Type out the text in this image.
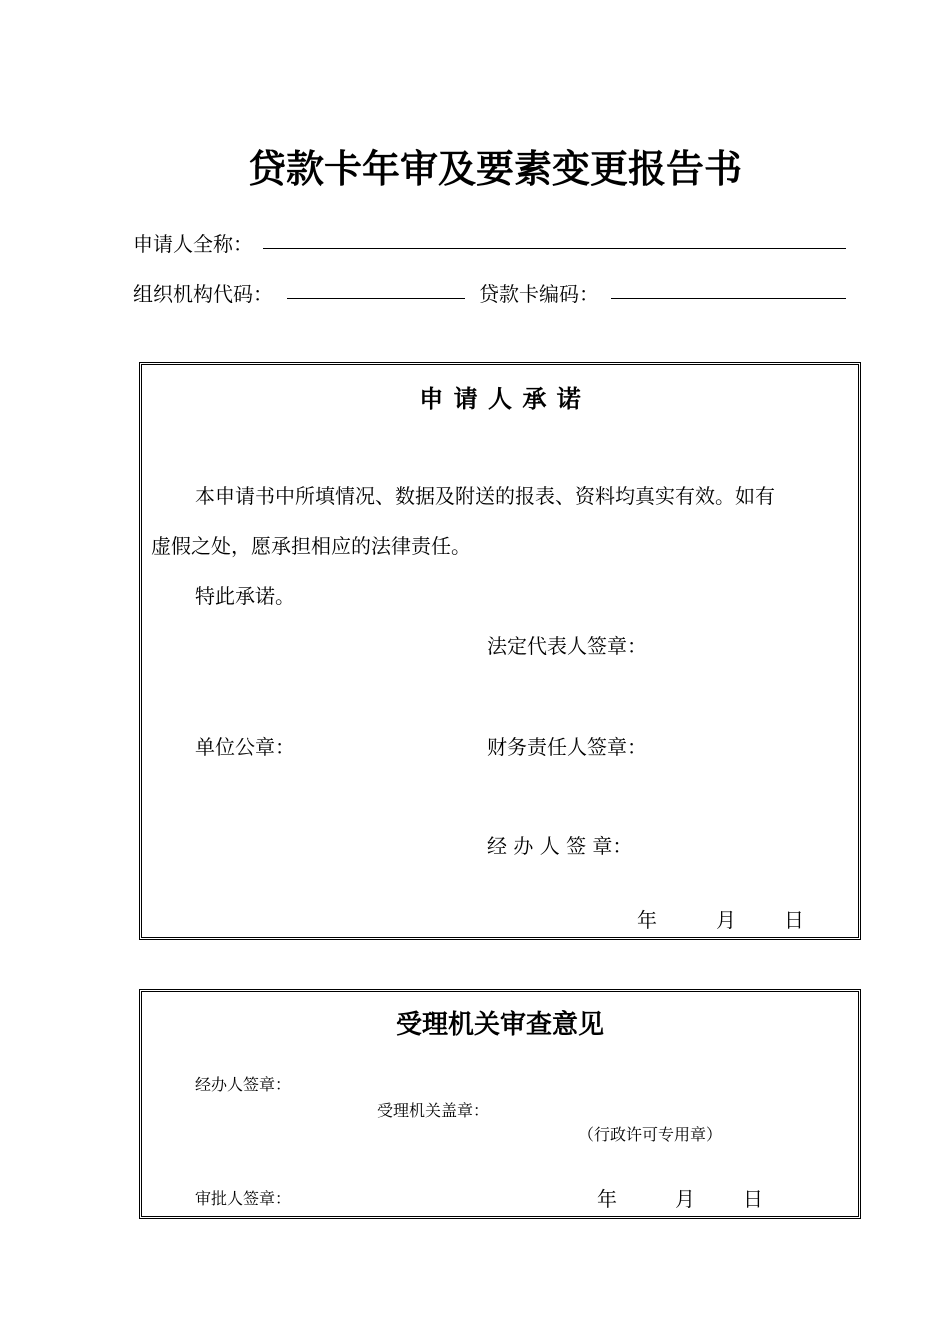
贷款卡年审及要素变更报告书
申请人全称：
组织机构代码：	贷款卡编码：
申 请 人 承 诺
本申请书中所填情况、数据及附送的报表、资料均真实有效。如有
虚假之处，愿承担相应的法律责任。
特此承诺。
法定代表人签章：
单位公章：	财务责任人签章：
经 办 人 签 章：
年	月 日
受理机关审查意见
经办人签章：
受理机关盖章：
（行政许可专用章）
审批人签章：	年	月 日
